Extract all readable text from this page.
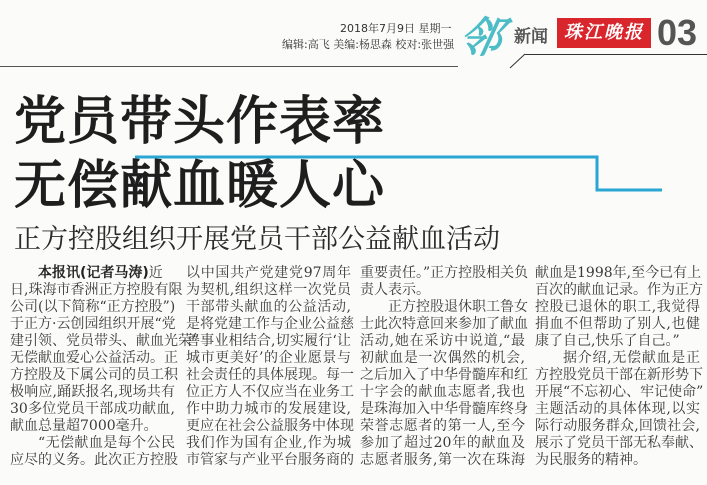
2018年7月9日 星期一
编辑:高飞 美编:杨思森 校对:张世强 邻 新闻 珠江晚报 03
党员带头作表率
无偿献血暖人心
正方控股组织开展党员干部公益献血活动
本报讯(记者马涛)近
日,珠海市香洲正方控股有限
公司(以下简称“正方控股”)
于正方·云创园组织开展“党
建引领、党员带头、献血光荣”
无偿献血爱心公益活动。正
方控股及下属公司的员工积
极响应,踊跃报名,现场共有
30多位党员干部成功献血,
献血总量超7000毫升。
“无偿献血是每个公民
应尽的义务。此次正方控股
以中国共产党建党97周年
为契机,组织这样一次党员
干部带头献血的公益活动,
是将党建工作与企业公益慈
善事业相结合,切实履行‘让
城市更美好’的企业愿景与
社会责任的具体展现。每一
位正方人不仅应当在业务工
作中助力城市的发展建设,
更应在社会公益服务中体现
我们作为国有企业,作为城
市管家与产业平台服务商的
重要责任。”正方控股相关负
责人表示。
正方控股退休职工鲁女
士此次特意回来参加了献血
活动,她在采访中说道,“最
初献血是一次偶然的机会,
之后加入了中华骨髓库和红
十字会的献血志愿者,我也
是珠海加入中华骨髓库终身
荣誉志愿者的第一人,至今
参加了超过20年的献血及
志愿者服务,第一次在珠海
献血是1998年,至今已有上
百次的献血记录。作为正方
控股已退休的职工,我觉得
捐血不但帮助了别人,也健
康了自己,快乐了自己。”
据介绍,无偿献血是正
方控股党员干部在新形势下
开展“不忘初心、牢记使命”
主题活动的具体体现,以实
际行动服务群众,回馈社会,
展示了党员干部无私奉献、
为民服务的精神。
